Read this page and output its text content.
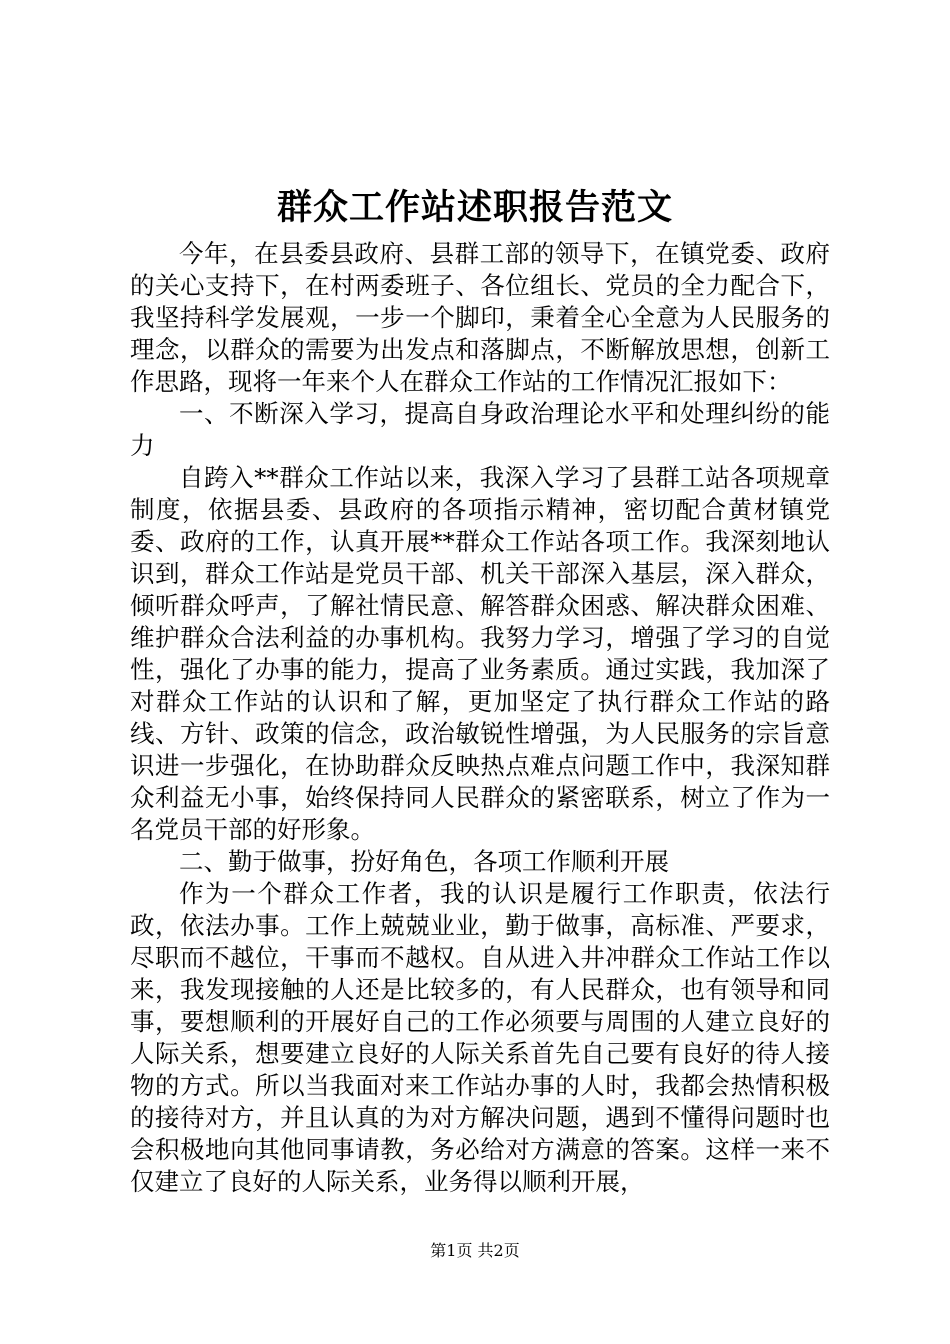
群众工作站述职报告范文

今年，在县委县政府、县群工部的领导下，在镇党委、政府的关心支持下，在村两委班子、各位组长、党员的全力配合下，我坚持科学发展观，一步一个脚印，秉着全心全意为人民服务的理念，以群众的需要为出发点和落脚点，不断解放思想，创新工作思路，现将一年来个人在群众工作站的工作情况汇报如下：

一、不断深入学习，提高自身政治理论水平和处理纠纷的能力

自跨入**群众工作站以来，我深入学习了县群工站各项规章制度，依据县委、县政府的各项指示精神，密切配合黄材镇党委、政府的工作，认真开展**群众工作站各项工作。我深刻地认识到，群众工作站是党员干部、机关干部深入基层，深入群众，倾听群众呼声，了解社情民意、解答群众困惑、解决群众困难、维护群众合法利益的办事机构。我努力学习，增强了学习的自觉性，强化了办事的能力，提高了业务素质。通过实践，我加深了对群众工作站的认识和了解，更加坚定了执行群众工作站的路线、方针、政策的信念，政治敏锐性增强，为人民服务的宗旨意识进一步强化，在协助群众反映热点难点问题工作中，我深知群众利益无小事，始终保持同人民群众的紧密联系，树立了作为一名党员干部的好形象。

二、勤于做事，扮好角色，各项工作顺利开展

作为一个群众工作者，我的认识是履行工作职责，依法行政，依法办事。工作上兢兢业业，勤于做事，高标准、严要求，尽职而不越位，干事而不越权。自从进入井冲群众工作站工作以来，我发现接触的人还是比较多的，有人民群众，也有领导和同事，要想顺利的开展好自己的工作必须要与周围的人建立良好的人际关系，想要建立良好的人际关系首先自己要有良好的待人接物的方式。所以当我面对来工作站办事的人时，我都会热情积极的接待对方，并且认真的为对方解决问题，遇到不懂得问题时也会积极地向其他同事请教，务必给对方满意的答案。这样一来不仅建立了良好的人际关系，业务得以顺利开展，

第1页 共2页
